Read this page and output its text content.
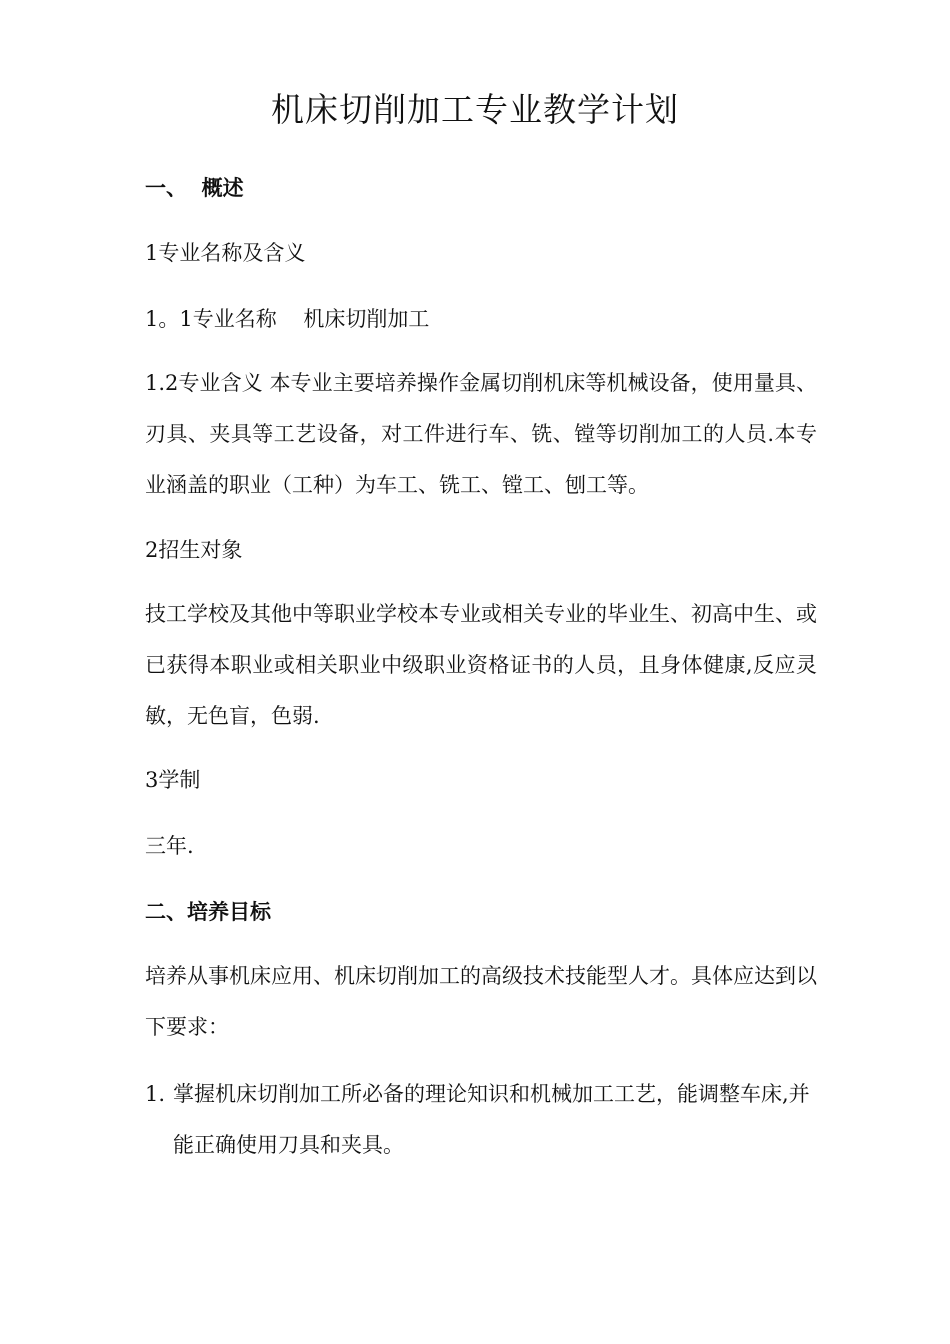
机床切削加工专业教学计划
一、  概述
1专业名称及含义
1。1专业名称    机床切削加工
1.2专业含义 本专业主要培养操作金属切削机床等机械设备，使用量具、刃具、夹具等工艺设备，对工件进行车、铣、镗等切削加工的人员.本专业涵盖的职业（工种）为车工、铣工、镗工、刨工等。
2招生对象
技工学校及其他中等职业学校本专业或相关专业的毕业生、初高中生、或已获得本职业或相关职业中级职业资格证书的人员，且身体健康,反应灵敏，无色盲，色弱.
3学制
三年.
二、培养目标
培养从事机床应用、机床切削加工的高级技术技能型人才。具体应达到以下要求：
1. 掌握机床切削加工所必备的理论知识和机械加工工艺，能调整车床,并能正确使用刀具和夹具。
